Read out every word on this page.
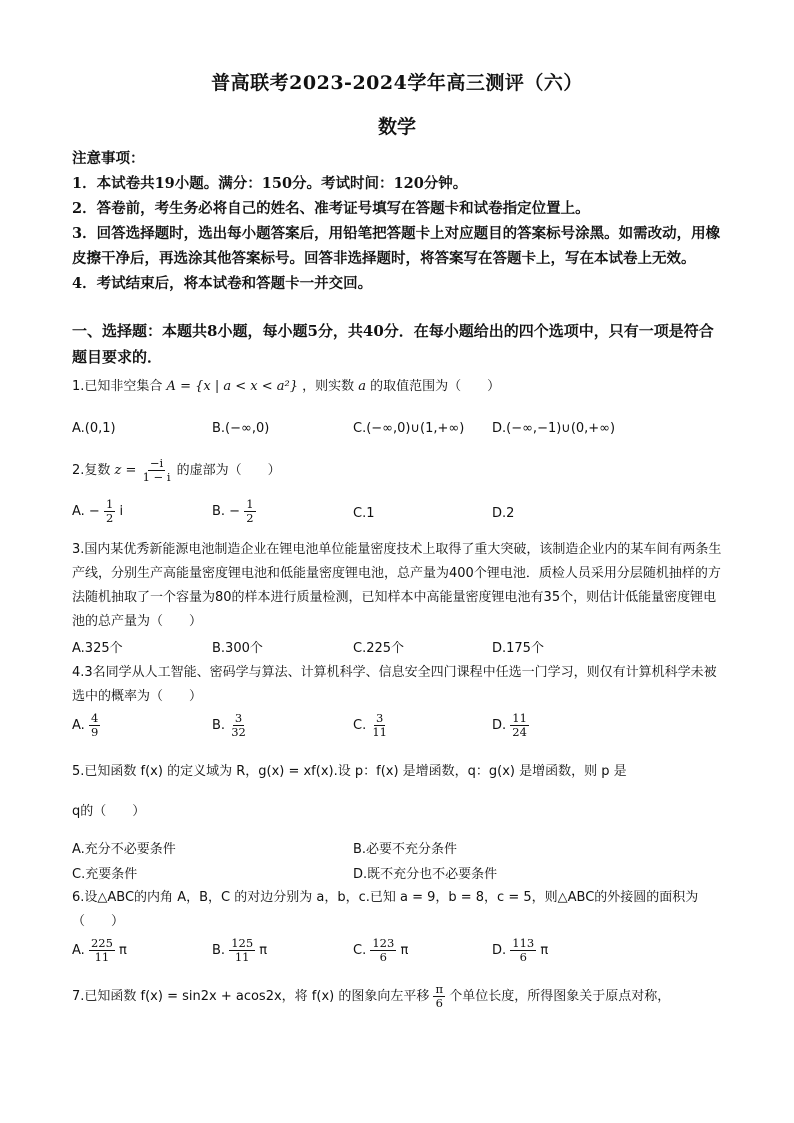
普高联考2023-2024学年高三测评（六）
数学

注意事项：

1．本试卷共19小题。满分：150分。考试时间：120分钟。

2．答卷前，考生务必将自己的姓名、准考证号填写在答题卡和试卷指定位置上。

3．回答选择题时，选出每小题答案后，用铅笔把答题卡上对应题目的答案标号涂黑。如需改动，用橡皮擦干净后，再选涂其他答案标号。回答非选择题时，将答案写在答题卡上，写在本试卷上无效。

4．考试结束后，将本试卷和答题卡一并交回。

一、选择题：本题共8小题，每小题5分，共40分．在每小题给出的四个选项中，只有一项是符合题目要求的．
1.已知非空集合 A = {x | a < x < a²} ，则实数 a 的取值范围为（　　）
A.(0,1)	B.(−∞,0)	C.(−∞,0)∪(1,+∞) D.(−∞,−1)∪(0,+∞)
2.复数 $z = \frac{-i}{1 - i}$ 的虚部为（　　）
A. − $\frac{1}{2}$ i	B. − $\frac{1}{2}$	C.1	D.2
3.国内某优秀新能源电池制造企业在锂电池单位能量密度技术上取得了重大突破，该制造企业内的某车间有两条生产线，分别生产高能量密度锂电池和低能量密度锂电池，总产量为400个锂电池．质检人员采用分层随机抽样的方法随机抽取了一个容量为80的样本进行质量检测，已知样本中高能量密度锂电池有35个，则估计低能量密度锂电池的总产量为（　　）
A.325个	B.300个	C.225个	D.175个
4.3名同学从人工智能、密码学与算法、计算机科学、信息安全四门课程中任选一门学习，则仅有计算机科学未被选中的概率为（　　）
A. $\frac{4}{9}$	B. $\frac{3}{32}$	C. $\frac{3}{11}$	D. $\frac{11}{24}$
5.已知函数 f(x) 的定义域为 R，g(x) = xf(x).设 p：f(x) 是增函数，q：g(x) 是增函数，则 p 是
q的（　　）
A.充分不必要条件	B.必要不充分条件
C.充要条件	D.既不充分也不必要条件
6.设△ABC的内角 A，B，C 的对边分别为 a，b，c.已知 a = 9，b = 8，c = 5，则△ABC的外接圆的面积为（　　）
A. $\frac{225}{11}$ π	B. $\frac{125}{11}$ π	C. $\frac{123}{6}$ π	D. $\frac{113}{6}$ π
7.已知函数 f(x) = sin2x + acos2x，将 f(x) 的图象向左平移 $\frac{\pi}{6}$ 个单位长度，所得图象关于原点对称，
